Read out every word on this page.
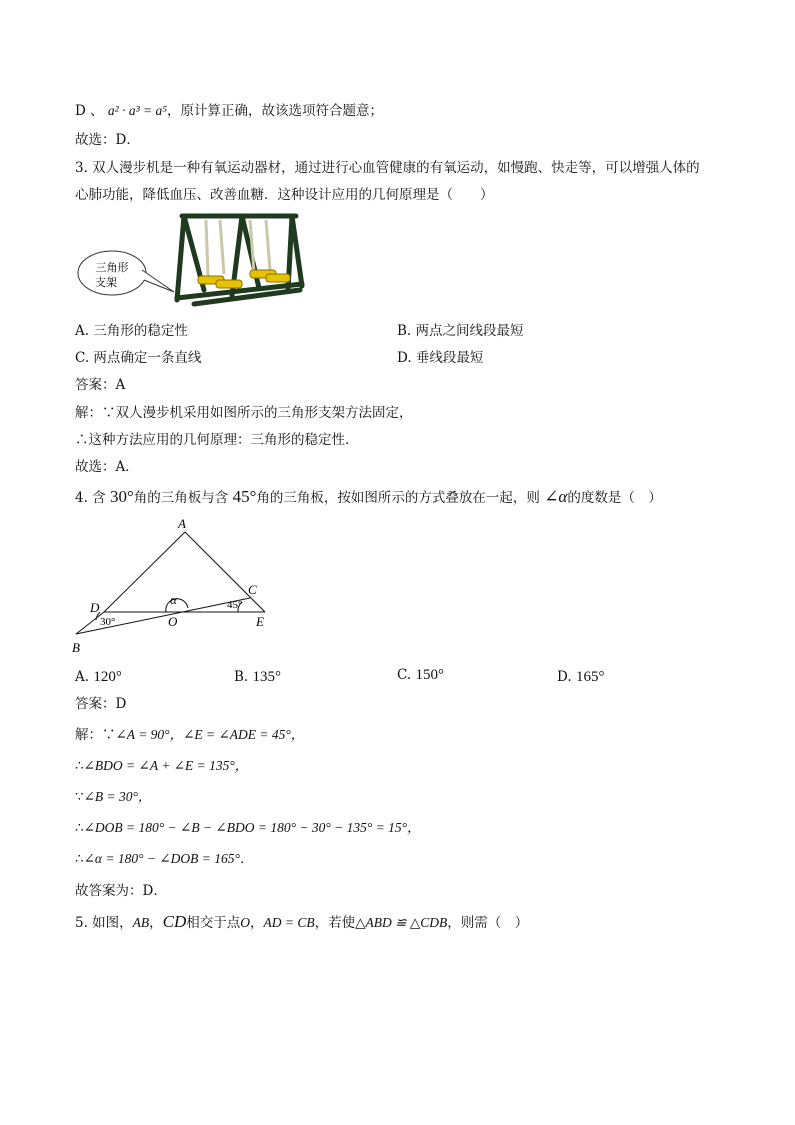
D 、 a² · a³ = a⁵，原计算正确，故该选项符合题意；
故选：D．
3. 双人漫步机是一种有氧运动器材，通过进行心血管健康的有氧运动，如慢跑、快走等，可以增强人体的
心肺功能，降低血压、改善血糖．这种设计应用的几何原理是（　　）
三角形
支架
A. 三角形的稳定性	B. 两点之间线段最短
C. 两点确定一条直线	D. 垂线段最短
答案：A
解：∵双人漫步机采用如图所示的三角形支架方法固定，
∴这种方法应用的几何原理：三角形的稳定性．
故选：A．
4. 含 30°角的三角板与含 45°角的三角板，按如图所示的方式叠放在一起，则 ∠α的度数是（　）
A
B
C
D
E
O
α
30°
45°
A. 120°	B. 135°	C. 150°	D. 165°
答案：D
解：∵∠A = 90°，∠E = ∠ADE = 45°，
∴∠BDO = ∠A + ∠E = 135°，
∵∠B = 30°，
∴∠DOB = 180° − ∠B − ∠BDO = 180° − 30° − 135° = 15°，
∴∠α = 180° − ∠DOB = 165°．
故答案为：D．
5. 如图，AB，CD相交于点O，AD = CB，若使△ABD ≌ △CDB，则需（　）
